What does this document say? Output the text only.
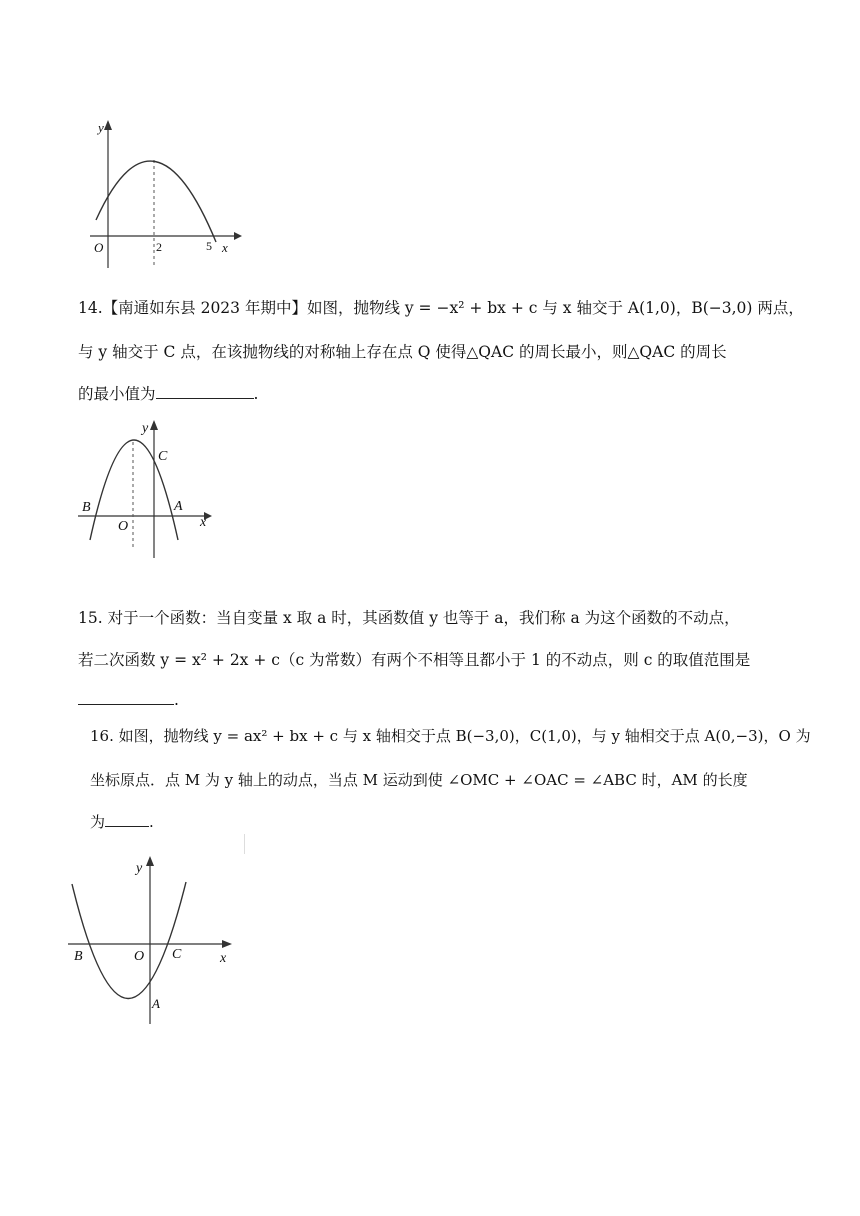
y
O	2	5 x
14.【南通如东县 2023 年期中】如图，抛物线 y = −x² + bx + c 与 x 轴交于 A(1,0)，B(−3,0) 两点，
与 y 轴交于 C 点，在该抛物线的对称轴上存在点 Q 使得△QAC 的周长最小，则△QAC 的周长
的最小值为	.
y
C
B	A
O	x
15. 对于一个函数：当自变量 x 取 a 时，其函数值 y 也等于 a，我们称 a 为这个函数的不动点，
若二次函数 y = x² + 2x + c（c 为常数）有两个不相等且都小于 1 的不动点，则 c 的取值范围是
.
16. 如图，抛物线 y = ax² + bx + c 与 x 轴相交于点 B(−3,0)，C(1,0)，与 y 轴相交于点 A(0,−3)，O 为
坐标原点．点 M 为 y 轴上的动点，当点 M 运动到使 ∠OMC + ∠OAC = ∠ABC 时，AM 的长度
为	.
y
B	O C	x
A
